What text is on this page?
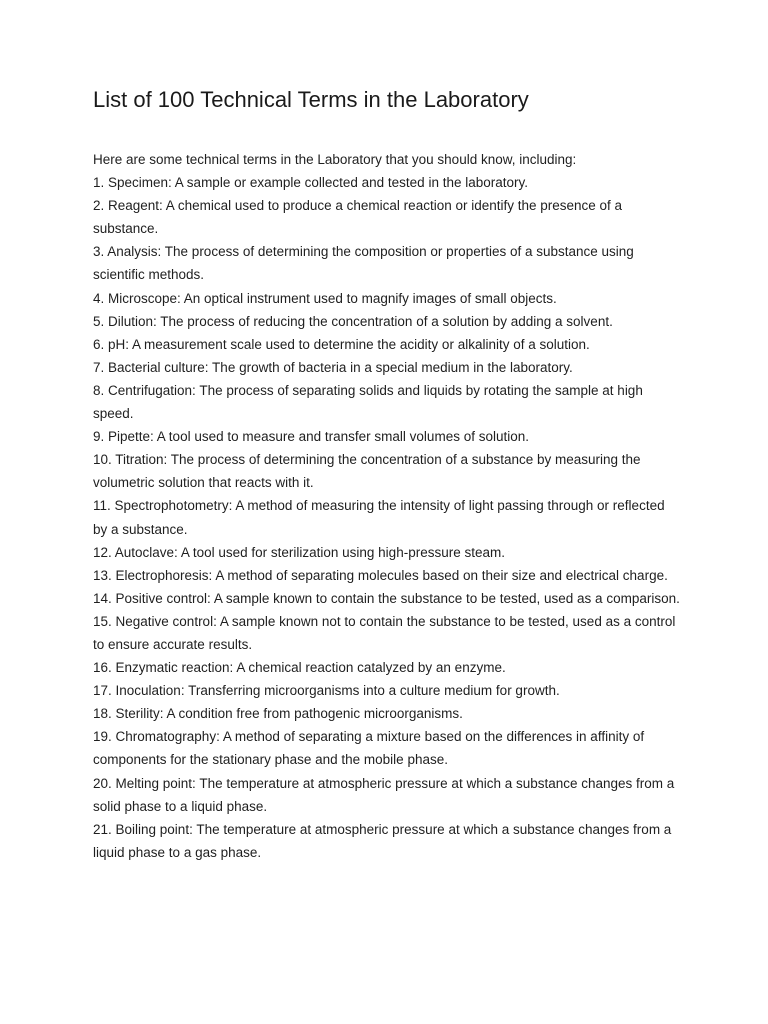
List of 100 Technical Terms in the Laboratory

Here are some technical terms in the Laboratory that you should know, including:

1. Specimen: A sample or example collected and tested in the laboratory.
2. Reagent: A chemical used to produce a chemical reaction or identify the presence of a substance.
3. Analysis: The process of determining the composition or properties of a substance using scientific methods.
4. Microscope: An optical instrument used to magnify images of small objects.
5. Dilution: The process of reducing the concentration of a solution by adding a solvent.
6. pH: A measurement scale used to determine the acidity or alkalinity of a solution.
7. Bacterial culture: The growth of bacteria in a special medium in the laboratory.
8. Centrifugation: The process of separating solids and liquids by rotating the sample at high speed.
9. Pipette: A tool used to measure and transfer small volumes of solution.
10. Titration: The process of determining the concentration of a substance by measuring the volumetric solution that reacts with it.
11. Spectrophotometry: A method of measuring the intensity of light passing through or reflected by a substance.
12. Autoclave: A tool used for sterilization using high-pressure steam.
13. Electrophoresis: A method of separating molecules based on their size and electrical charge.
14. Positive control: A sample known to contain the substance to be tested, used as a comparison.
15. Negative control: A sample known not to contain the substance to be tested, used as a control to ensure accurate results.
16. Enzymatic reaction: A chemical reaction catalyzed by an enzyme.
17. Inoculation: Transferring microorganisms into a culture medium for growth.
18. Sterility: A condition free from pathogenic microorganisms.
19. Chromatography: A method of separating a mixture based on the differences in affinity of components for the stationary phase and the mobile phase.
20. Melting point: The temperature at atmospheric pressure at which a substance changes from a solid phase to a liquid phase.
21. Boiling point: The temperature at atmospheric pressure at which a substance changes from a liquid phase to a gas phase.
